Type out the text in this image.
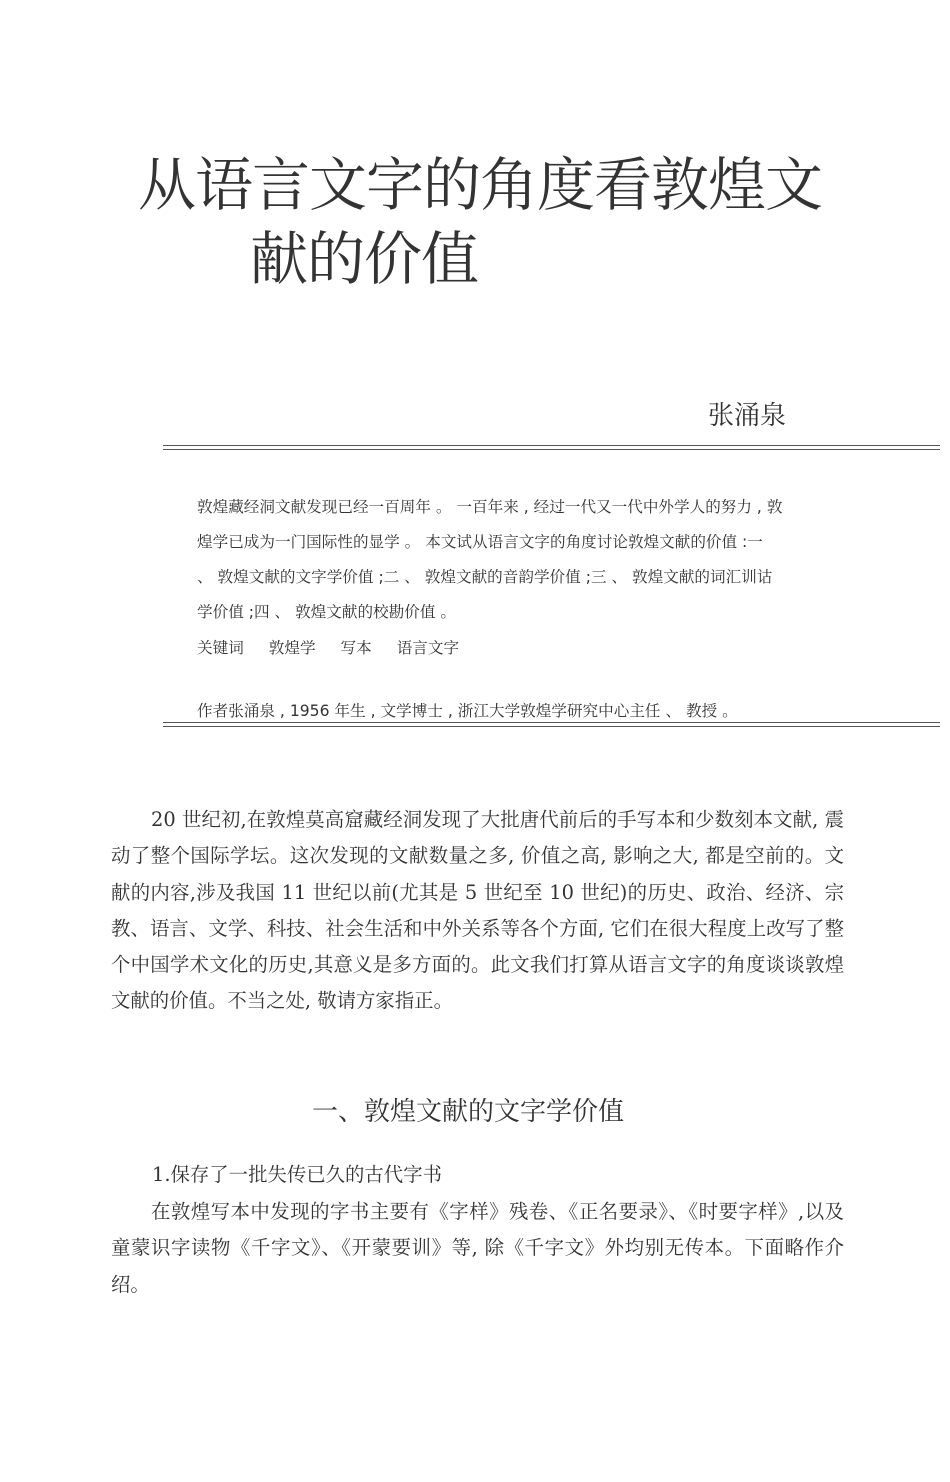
从语言文字的角度看敦煌文
献的价值
张涌泉

敦煌藏经洞文献发现已经一百周年 。 一百年来 , 经过一代又一代中外学人的努力 , 敦煌学已成为一门国际性的显学 。 本文试从语言文字的角度讨论敦煌文献的价值 :一 、 敦煌文献的文字学价值 ;二 、 敦煌文献的音韵学价值 ;三 、 敦煌文献的词汇训诂学价值 ;四 、 敦煌文献的校勘价值 。

关键词 敦煌学 写本 语言文字
作者张涌泉 , 1956 年生 , 文学博士 , 浙江大学敦煌学研究中心主任 、 教授 。

20 世纪初,在敦煌莫高窟藏经洞发现了大批唐代前后的手写本和少数刻本文献, 震动了整个国际学坛。这次发现的文献数量之多, 价值之高, 影响之大, 都是空前的。文献的内容,涉及我国 11 世纪以前(尤其是 5 世纪至 10 世纪)的历史、政治、经济、宗教、语言、文学、科技、社会生活和中外关系等各个方面, 它们在很大程度上改写了整个中国学术文化的历史,其意义是多方面的。此文我们打算从语言文字的角度谈谈敦煌文献的价值。不当之处, 敬请方家指正。

一、敦煌文献的文字学价值
1.保存了一批失传已久的古代字书

在敦煌写本中发现的字书主要有《字样》残卷、《正名要录》、《时要字样》,以及童蒙识字读物《千字文》、《开蒙要训》等, 除《千字文》外均别无传本。下面略作介绍。
